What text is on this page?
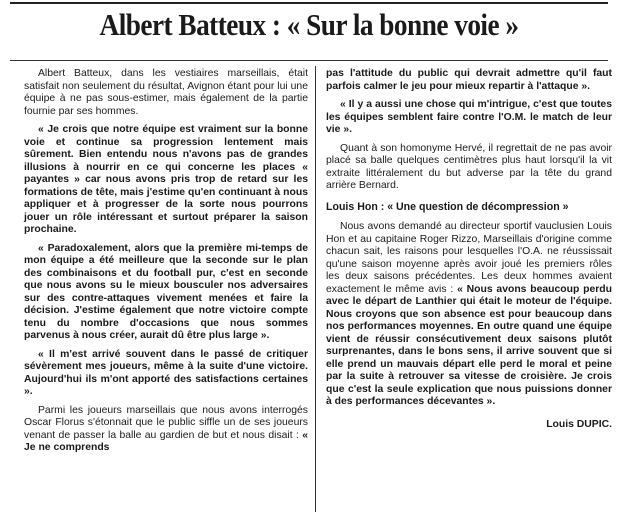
Albert Batteux : « Sur la bonne voie »

Albert Batteux, dans les vestiaires marseillais, était satisfait non seulement du résultat, Avignon étant pour lui une équipe à ne pas sous-estimer, mais également de la partie fournie par ses hommes.

« Je crois que notre équipe est vraiment sur la bonne voie et continue sa progression lentement mais sûrement. Bien entendu nous n'avons pas de grandes illusions à nourrir en ce qui concerne les places « payantes » car nous avons pris trop de retard sur les formations de tête, mais j'estime qu'en continuant à nous appliquer et à progresser de la sorte nous pourrons jouer un rôle intéressant et surtout préparer la saison prochaine.

« Paradoxalement, alors que la première mi-temps de mon équipe a été meilleure que la seconde sur le plan des combinaisons et du football pur, c'est en seconde que nous avons su le mieux bousculer nos adversaires sur des contre-attaques vivement menées et faire la décision. J'estime également que notre victoire compte tenu du nombre d'occasions que nous sommes parvenus à nous créer, aurait dû être plus large ».

« Il m'est arrivé souvent dans le passé de critiquer sévèrement mes joueurs, même à la suite d'une victoire. Aujourd'hui ils m'ont apporté des satisfactions certaines ».

Parmi les joueurs marseillais que nous avons interrogés Oscar Florus s'étonnait que le public siffle un de ses joueurs venant de passer la balle au gardien de but et nous disait : « Je ne comprends

pas l'attitude du public qui devrait admettre qu'il faut parfois calmer le jeu pour mieux repartir à l'attaque ».

« Il y a aussi une chose qui m'intrigue, c'est que toutes les équipes semblent faire contre l'O.M. le match de leur vie ».

Quant à son homonyme Hervé, il regrettait de ne pas avoir placé sa balle quelques centimètres plus haut lorsqu'il la vit extraite littéralement du but adverse par la tête du grand arrière Bernard.

Louis Hon : « Une question de décompression »

Nous avons demandé au directeur sportif vauclusien Louis Hon et au capitaine Roger Rizzo, Marseillais d'origine comme chacun sait, les raisons pour lesquelles l'O.A. ne réussissait qu'une saison moyenne après avoir joué les premiers rôles les deux saisons précédentes. Les deux hommes avaient exactement le même avis : « Nous avons beaucoup perdu avec le départ de Lanthier qui était le moteur de l'équipe. Nous croyons que son absence est pour beaucoup dans nos performances moyennes. En outre quand une équipe vient de réussir consécutivement deux saisons plutôt surprenantes, dans le bons sens, il arrive souvent que si elle prend un mauvais départ elle perd le moral et peine par la suite à retrouver sa vitesse de croisière. Je crois que c'est la seule explication que nous puissions donner à des performances décevantes ».

Louis DUPIC.
